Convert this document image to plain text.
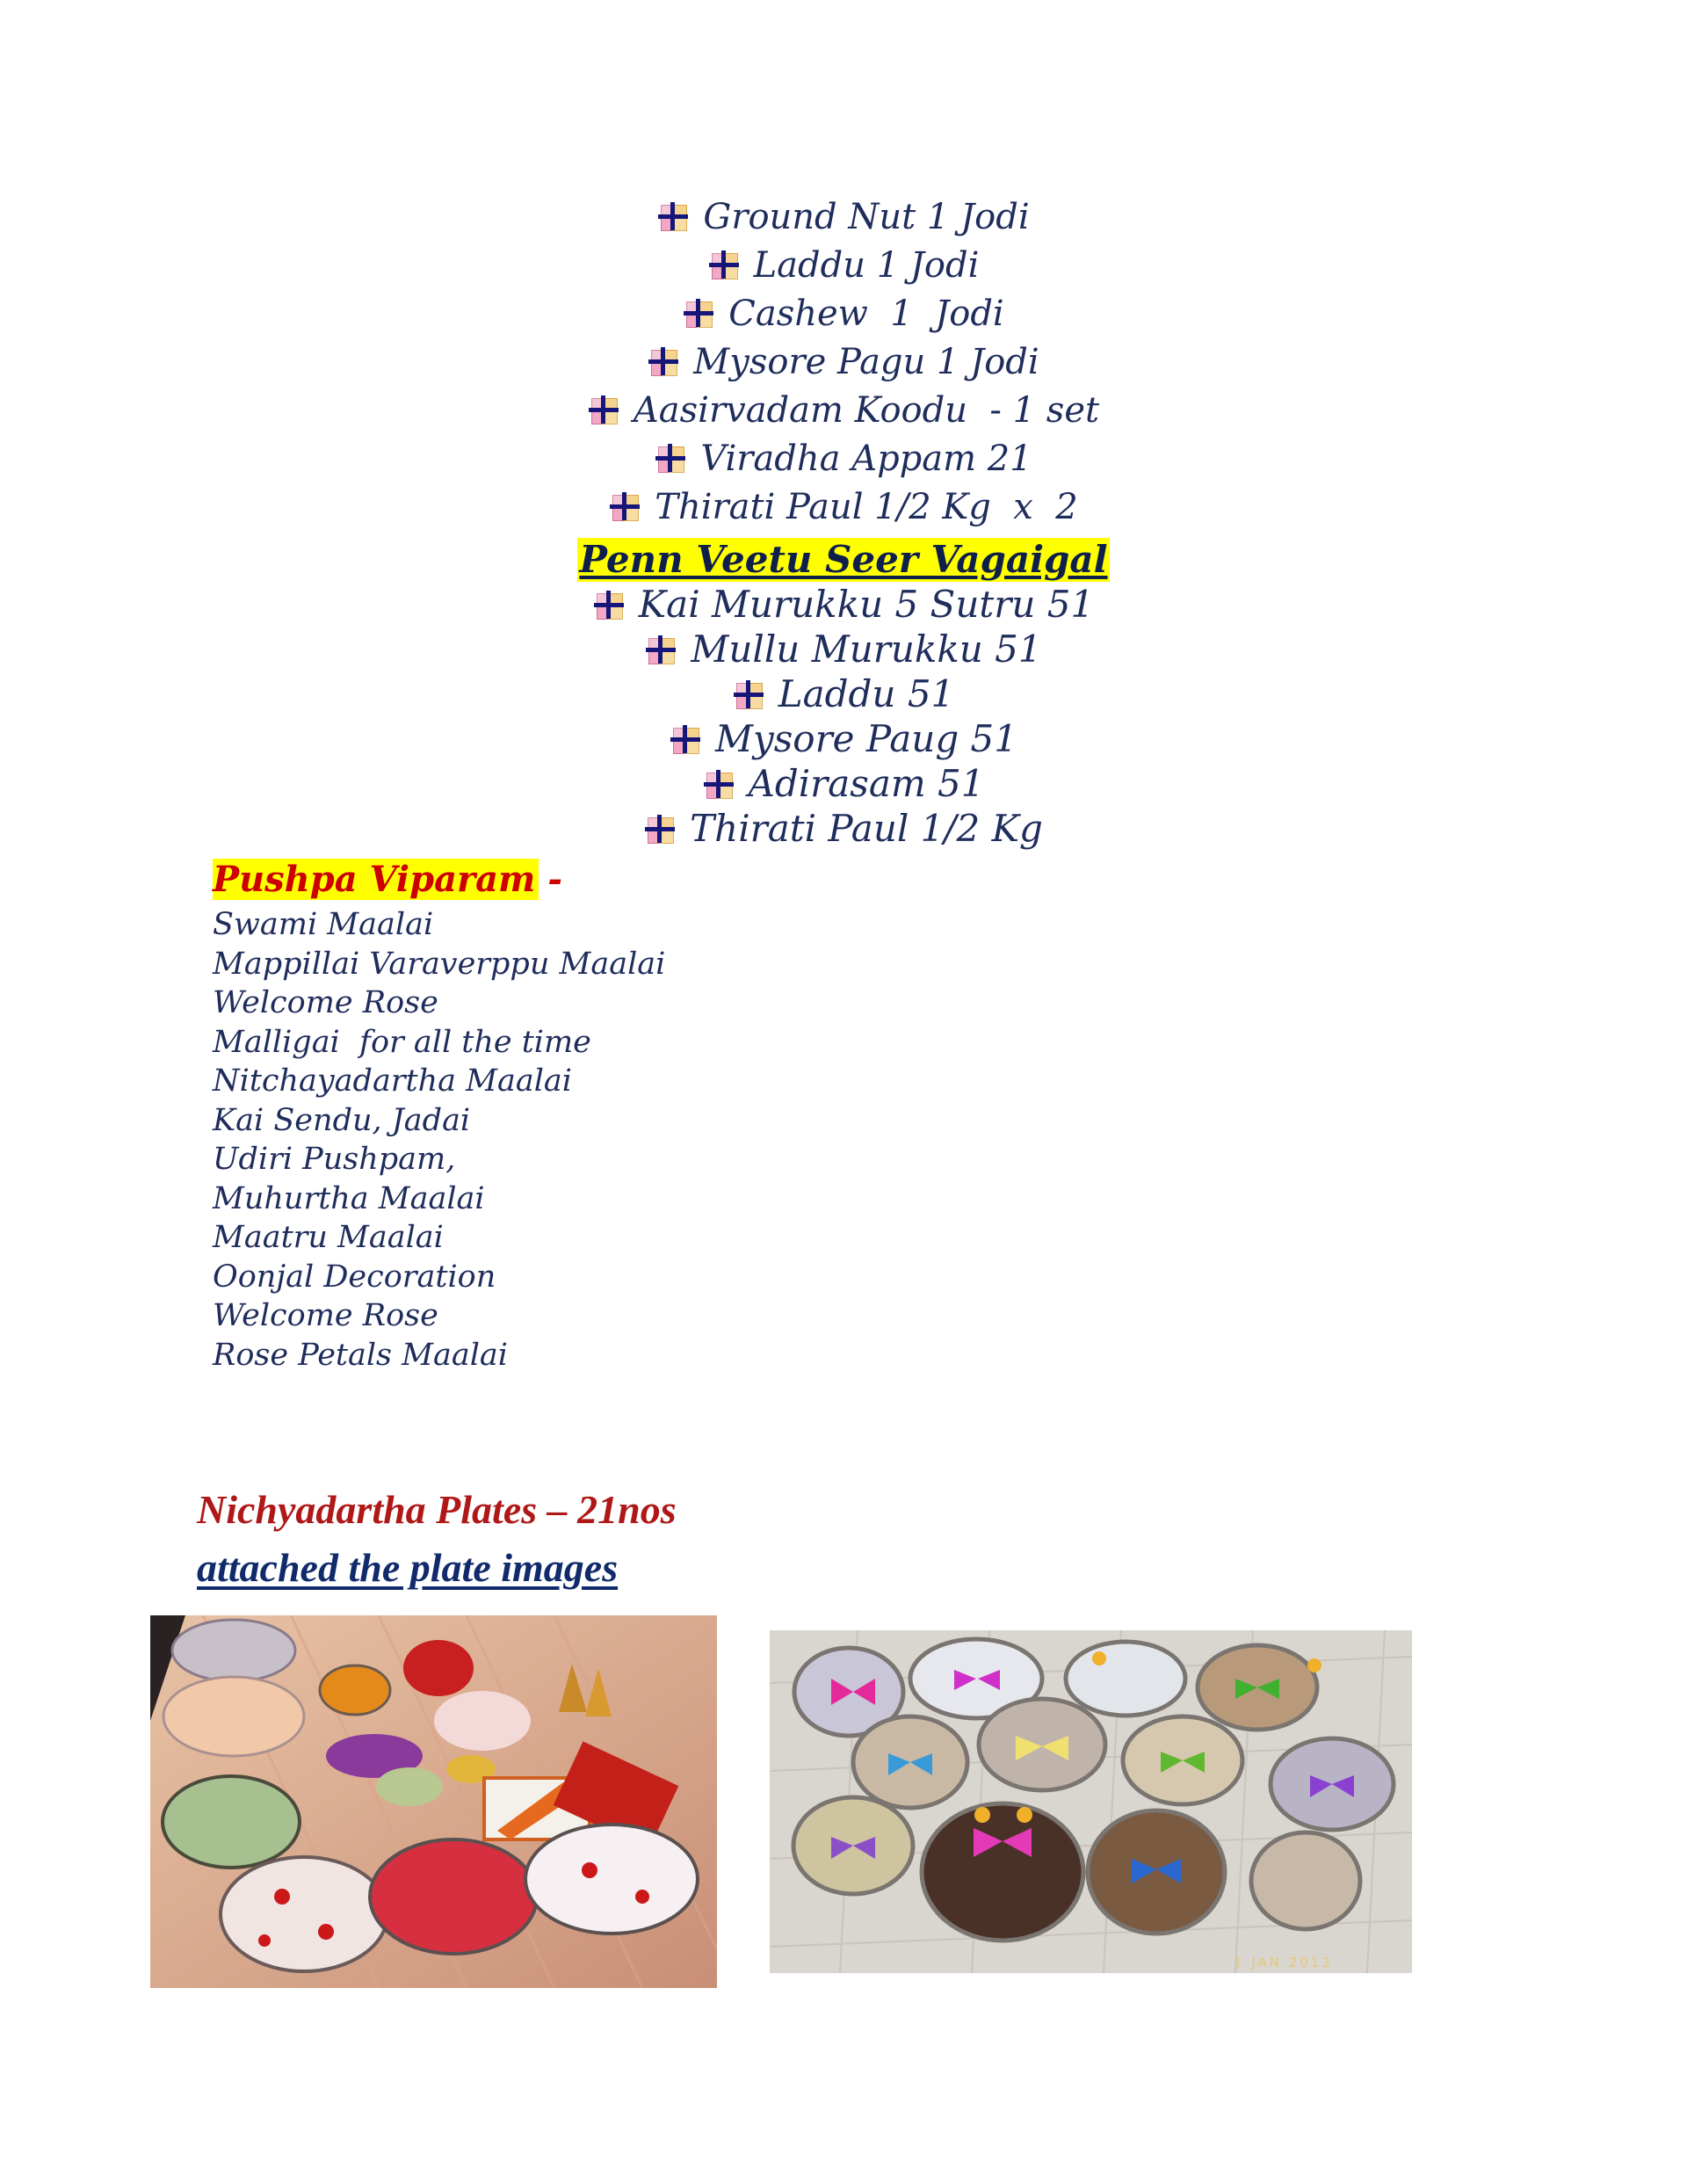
Ground Nut 1 Jodi
Laddu 1 Jodi
Cashew  1  Jodi
Mysore Pagu 1 Jodi
Aasirvadam Koodu  - 1 set
Viradha Appam 21
Thirati Paul 1/2 Kg  x  2
Penn Veetu Seer Vagaigal
Kai Murukku 5 Sutru 51
Mullu Murukku 51
Laddu 51
Mysore Paug 51
Adirasam 51
Thirati Paul 1/2 Kg
Pushpa Viparam -
Swami Maalai
Mappillai Varaverppu Maalai
Welcome Rose
Malligai  for all the time
Nitchayadartha Maalai
Kai Sendu, Jadai
Udiri Pushpam,
Muhurtha Maalai
Maatru Maalai
Oonjal Decoration
Welcome Rose
Rose Petals Maalai
Nichyadartha Plates – 21nos
attached the plate images
1 JAN 2012
